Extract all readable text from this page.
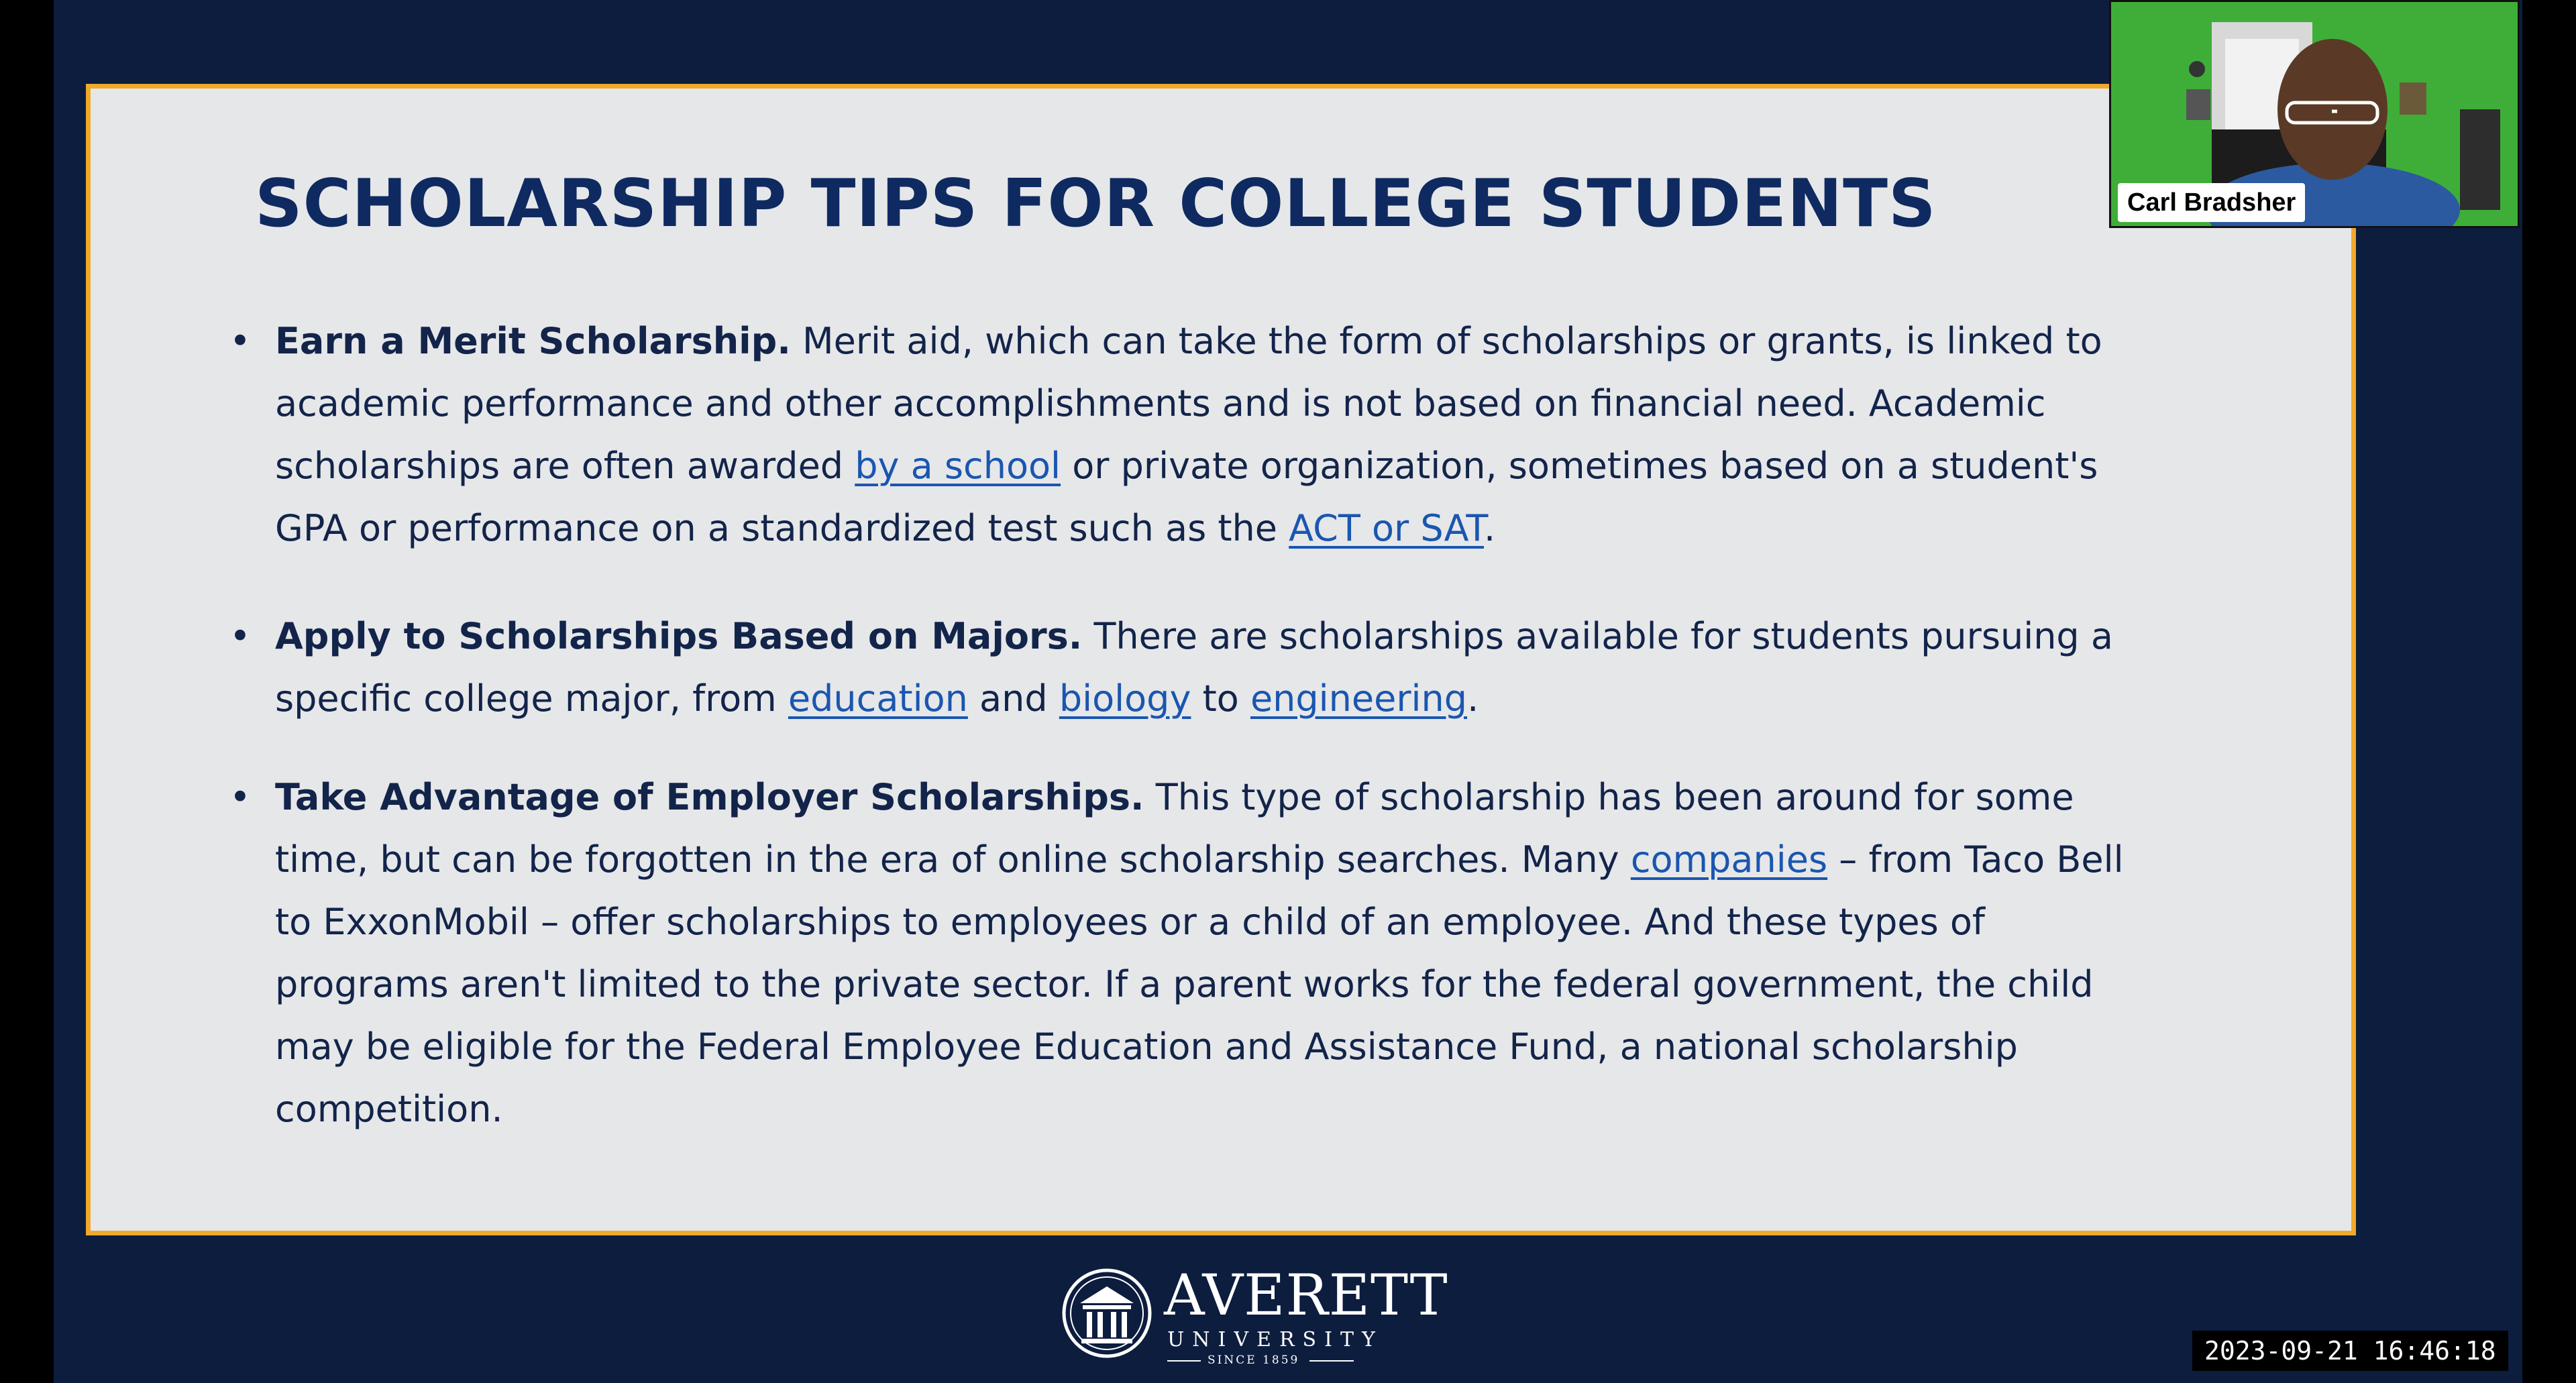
SCHOLARSHIP TIPS FOR COLLEGE STUDENTS

• Earn a Merit Scholarship. Merit aid, which can take the form of scholarships or grants, is linked to academic performance and other accomplishments and is not based on financial need. Academic scholarships are often awarded by a school or private organization, sometimes based on a student's GPA or performance on a standardized test such as the ACT or SAT.

• Apply to Scholarships Based on Majors. There are scholarships available for students pursuing a specific college major, from education and biology to engineering.

• Take Advantage of Employer Scholarships. This type of scholarship has been around for some time, but can be forgotten in the era of online scholarship searches. Many companies – from Taco Bell to ExxonMobil – offer scholarships to employees or a child of an employee. And these types of programs aren't limited to the private sector. If a parent works for the federal government, the child may be eligible for the Federal Employee Education and Assistance Fund, a national scholarship competition.

AVERETT
UNIVERSITY
SINCE 1859
Carl Bradsher
2023-09-21 16:46:18
